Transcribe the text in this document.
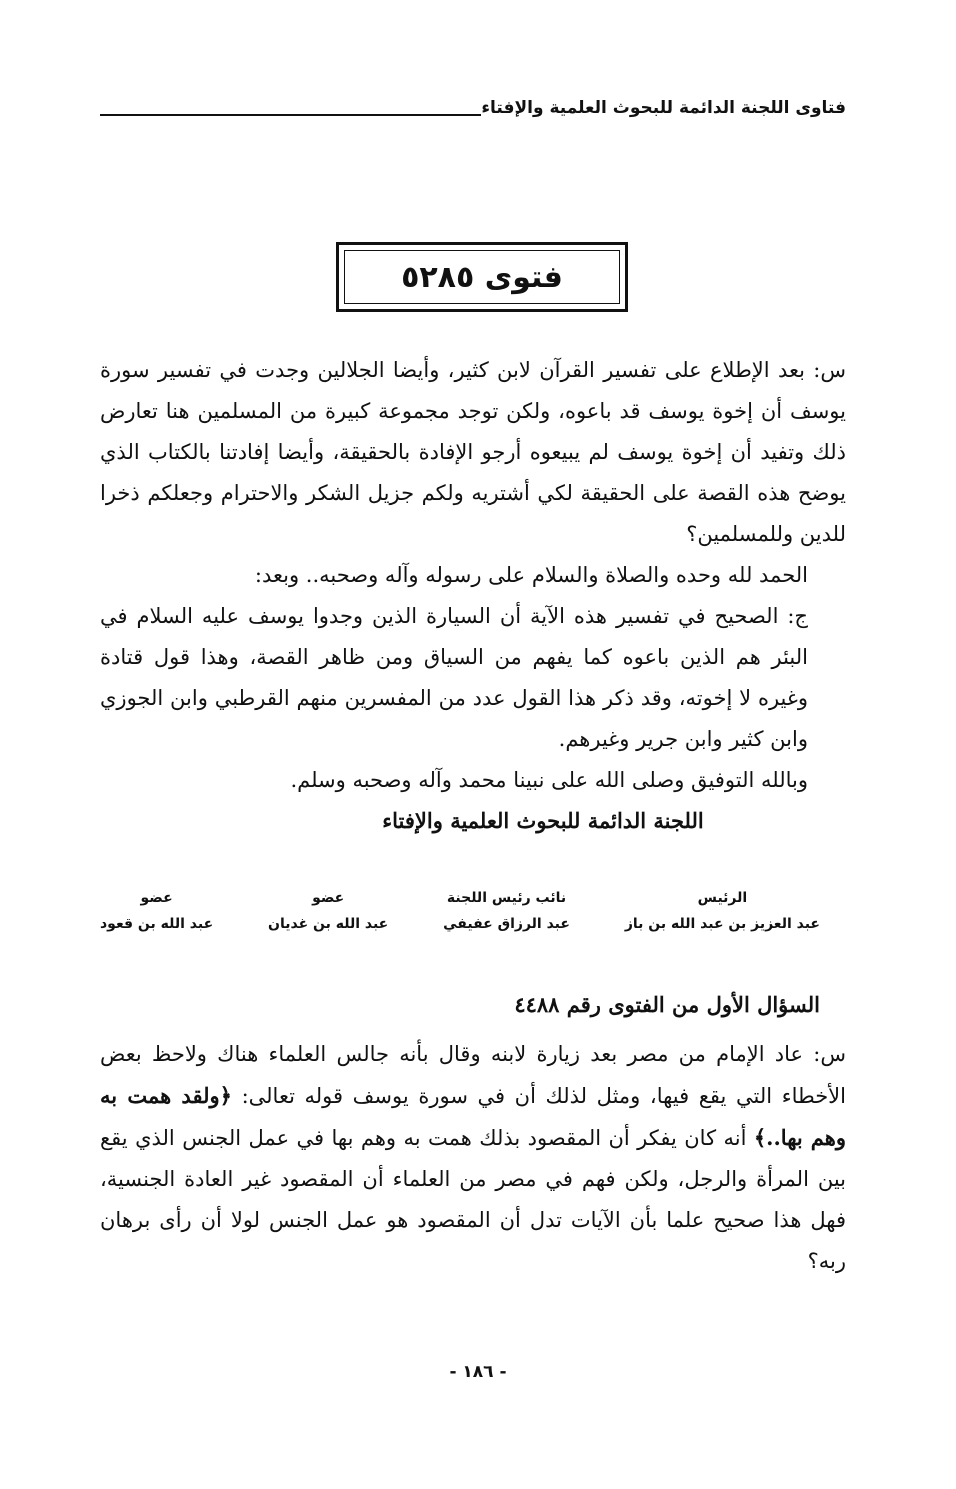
فتاوى اللجنة الدائمة للبحوث العلمية والإفتاء
فتوى ٥٢٨٥

س: بعد الإطلاع على تفسير القرآن لابن كثير، وأيضا الجلالين وجدت في تفسير سورة يوسف أن إخوة يوسف قد باعوه، ولكن توجد مجموعة كبيرة من المسلمين هنا تعارض ذلك وتفيد أن إخوة يوسف لم يبيعوه أرجو الإفادة بالحقيقة، وأيضا إفادتنا بالكتاب الذي يوضح هذه القصة على الحقيقة لكي أشتريه ولكم جزيل الشكر والاحترام وجعلكم ذخرا للدين وللمسلمين؟

الحمد لله وحده والصلاة والسلام على رسوله وآله وصحبه.. وبعد:

ج: الصحيح في تفسير هذه الآية أن السيارة الذين وجدوا يوسف عليه السلام في البئر هم الذين باعوه كما يفهم من السياق ومن ظاهر القصة، وهذا قول قتادة وغيره لا إخوته، وقد ذكر هذا القول عدد من المفسرين منهم القرطبي وابن الجوزي وابن كثير وابن جرير وغيرهم.

وبالله التوفيق وصلى الله على نبينا محمد وآله وصحبه وسلم.

اللجنة الدائمة للبحوث العلمية والإفتاء
الرئيس
عبد العزيز بن عبد الله بن باز
نائب رئيس اللجنة
عبد الرزاق عفيفي
عضو
عبد الله بن غديان
عضو
عبد الله بن قعود
السؤال الأول من الفتوى رقم ٤٤٨٨

س: عاد الإمام من مصر بعد زيارة لابنه وقال بأنه جالس العلماء هناك ولاحظ بعض الأخطاء التي يقع فيها، ومثل لذلك أن في سورة يوسف قوله تعالى: ﴿ولقد همت به وهم بها..﴾ أنه كان يفكر أن المقصود بذلك همت به وهم بها في عمل الجنس الذي يقع بين المرأة والرجل، ولكن فهم في مصر من العلماء أن المقصود غير العادة الجنسية، فهل هذا صحيح علما بأن الآيات تدل أن المقصود هو عمل الجنس لولا أن رأى برهان ربه؟

- ١٨٦ -
